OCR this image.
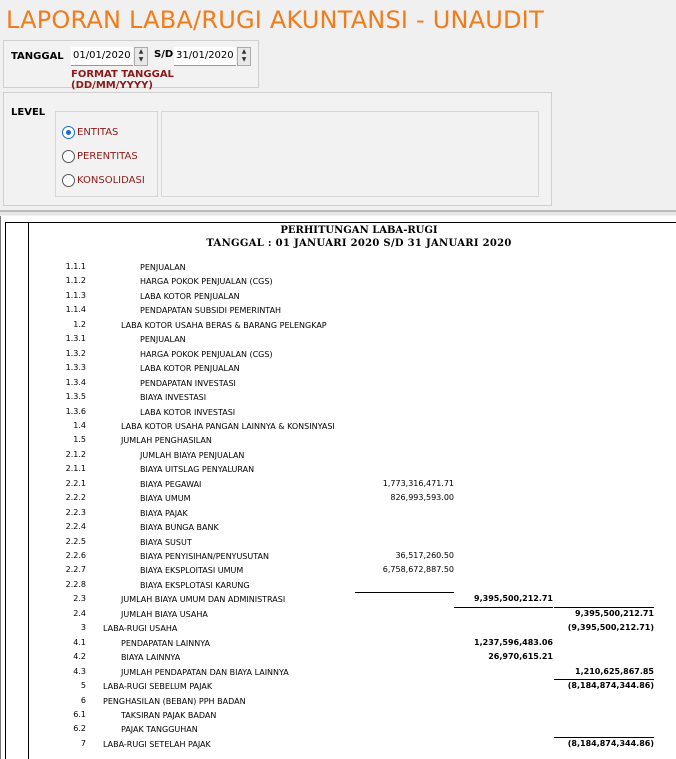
LAPORAN LABA/RUGI AKUNTANSI - UNAUDIT
TANGGAL 01/01/2020	▲
▼	S/D 31/01/2020	▲
▼
FORMAT TANGGAL (DD/MM/YYYY)
LEVEL
ENTITAS
PERENTITAS
KONSOLIDASI
PERHITUNGAN LABA-RUGI
TANGGAL : 01 JANUARI 2020 S/D 31 JANUARI 2020
1.1.1	PENJUALAN
1.1.2	HARGA POKOK PENJUALAN (CGS)
1.1.3	LABA KOTOR PENJUALAN
1.1.4	PENDAPATAN SUBSIDI PEMERINTAH
1.2	LABA KOTOR USAHA BERAS & BARANG PELENGKAP
1.3.1	PENJUALAN
1.3.2	HARGA POKOK PENJUALAN (CGS)
1.3.3	LABA KOTOR PENJUALAN
1.3.4	PENDAPATAN INVESTASI
1.3.5	BIAYA INVESTASI
1.3.6	LABA KOTOR INVESTASI
1.4	LABA KOTOR USAHA PANGAN LAINNYA & KONSINYASI
1.5	JUMLAH PENGHASILAN
2.1.2	JUMLAH BIAYA PENJUALAN
2.1.1	BIAYA UITSLAG PENYALURAN
2.2.1	BIAYA PEGAWAI	1,773,316,471.71
2.2.2	BIAYA UMUM	826,993,593.00
2.2.3	BIAYA PAJAK
2.2.4	BIAYA BUNGA BANK
2.2.5	BIAYA SUSUT
2.2.6	BIAYA PENYISIHAN/PENYUSUTAN	36,517,260.50
2.2.7	BIAYA EKSPLOITASI UMUM	6,758,672,887.50
2.2.8	BIAYA EKSPLOTASI KARUNG
2.3	JUMLAH BIAYA UMUM DAN ADMINISTRASI	9,395,500,212.71
2.4	JUMLAH BIAYA USAHA	9,395,500,212.71
3 LABA-RUGI USAHA	(9,395,500,212.71)
4.1	PENDAPATAN LAINNYA	1,237,596,483.06
4.2	BIAYA LAINNYA	26,970,615.21
4.3	JUMLAH PENDAPATAN DAN BIAYA LAINNYA	1,210,625,867.85
5 LABA-RUGI SEBELUM PAJAK	(8,184,874,344.86)
6 PENGHASILAN (BEBAN) PPH BADAN
6.1	TAKSIRAN PAJAK BADAN
6.2	PAJAK TANGGUHAN
7 LABA-RUGI SETELAH PAJAK	(8,184,874,344.86)
